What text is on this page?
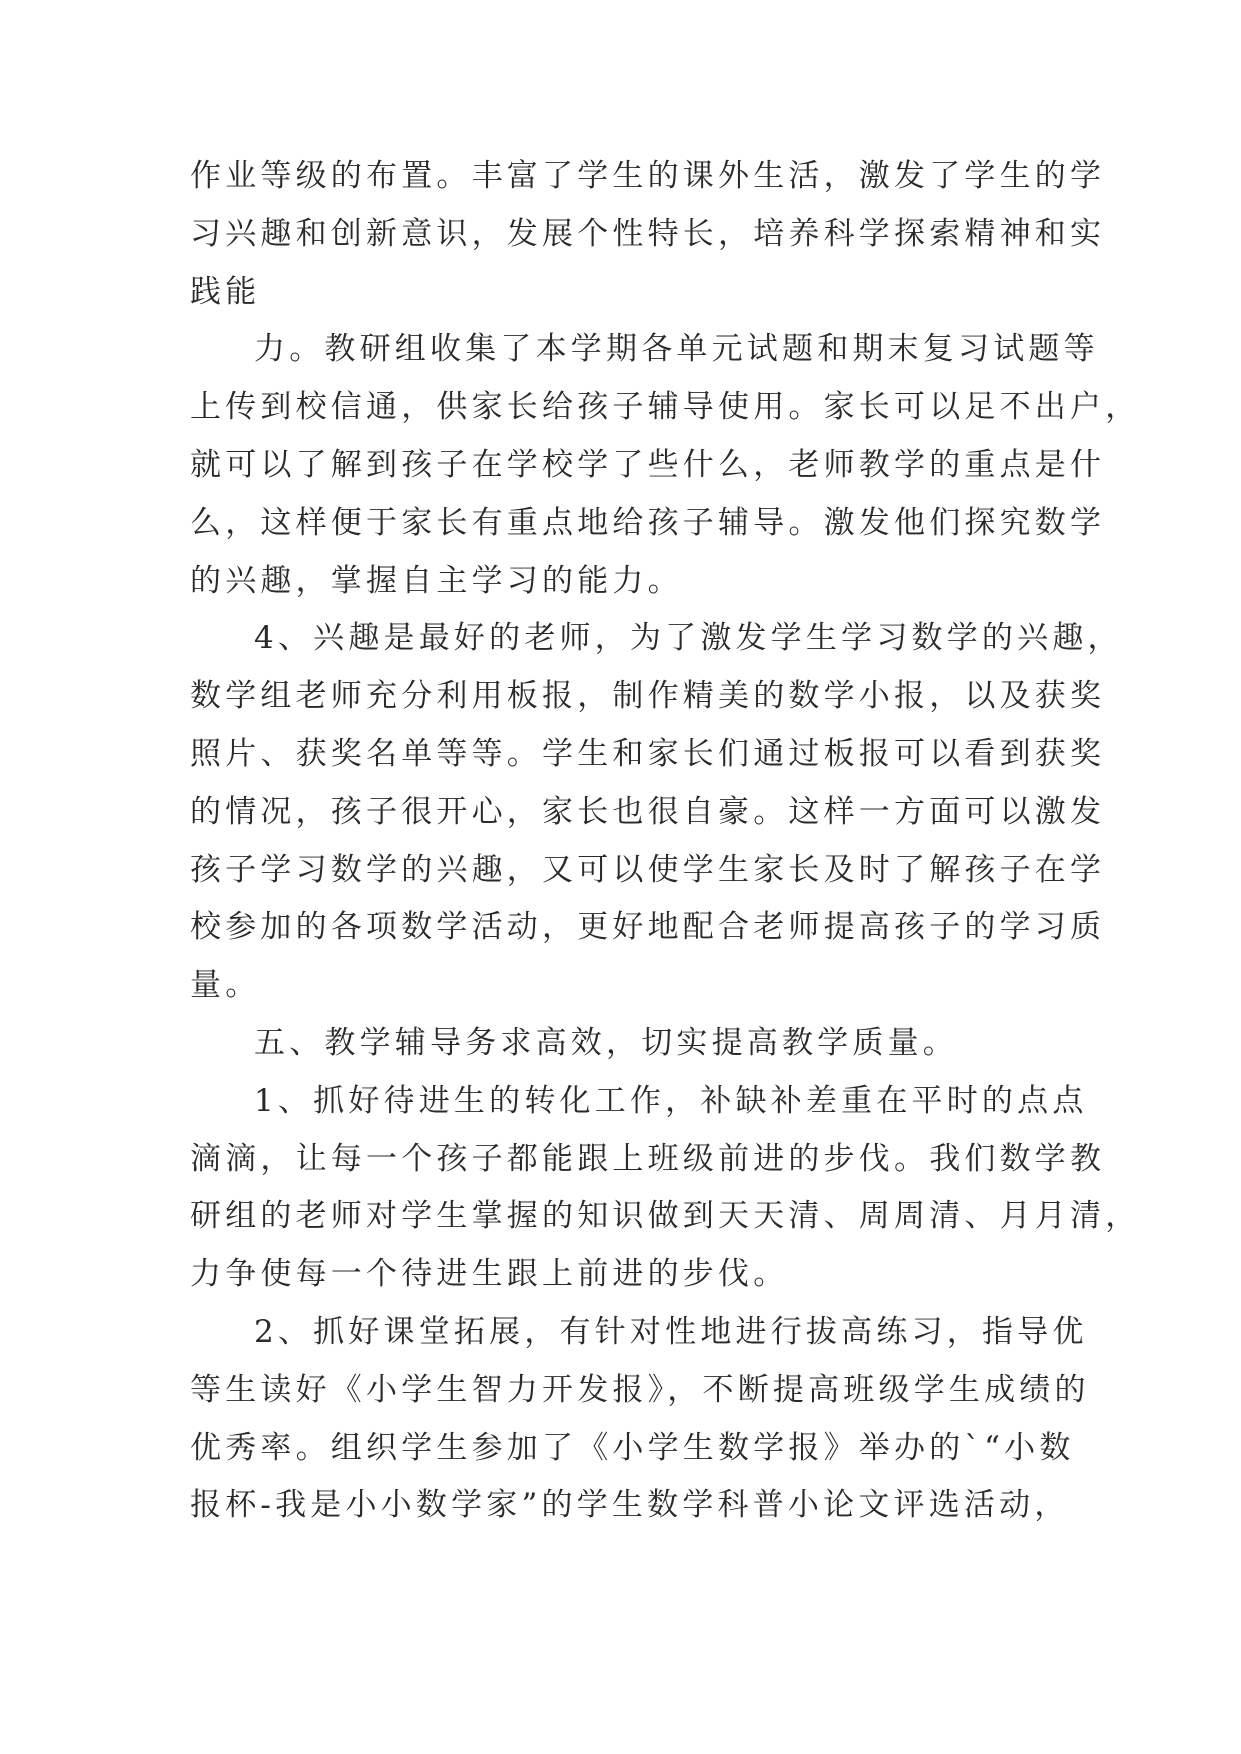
作业等级的布置。丰富了学生的课外生活，激发了学生的学
习兴趣和创新意识，发展个性特长，培养科学探索精神和实
践能
力。教研组收集了本学期各单元试题和期末复习试题等
上传到校信通，供家长给孩子辅导使用。家长可以足不出户，
就可以了解到孩子在学校学了些什么，老师教学的重点是什
么，这样便于家长有重点地给孩子辅导。激发他们探究数学
的兴趣，掌握自主学习的能力。
4、兴趣是最好的老师，为了激发学生学习数学的兴趣，
数学组老师充分利用板报，制作精美的数学小报，以及获奖
照片、获奖名单等等。学生和家长们通过板报可以看到获奖
的情况，孩子很开心，家长也很自豪。这样一方面可以激发
孩子学习数学的兴趣，又可以使学生家长及时了解孩子在学
校参加的各项数学活动，更好地配合老师提高孩子的学习质
量。
五、教学辅导务求高效，切实提高教学质量。
1、抓好待进生的转化工作，补缺补差重在平时的点点
滴滴，让每一个孩子都能跟上班级前进的步伐。我们数学教
研组的老师对学生掌握的知识做到天天清、周周清、月月清，
力争使每一个待进生跟上前进的步伐。
2、抓好课堂拓展，有针对性地进行拔高练习，指导优
等生读好《小学生智力开发报》，不断提高班级学生成绩的
优秀率。组织学生参加了《小学生数学报》举办的`“小数
报杯-我是小小数学家”的学生数学科普小论文评选活动，
